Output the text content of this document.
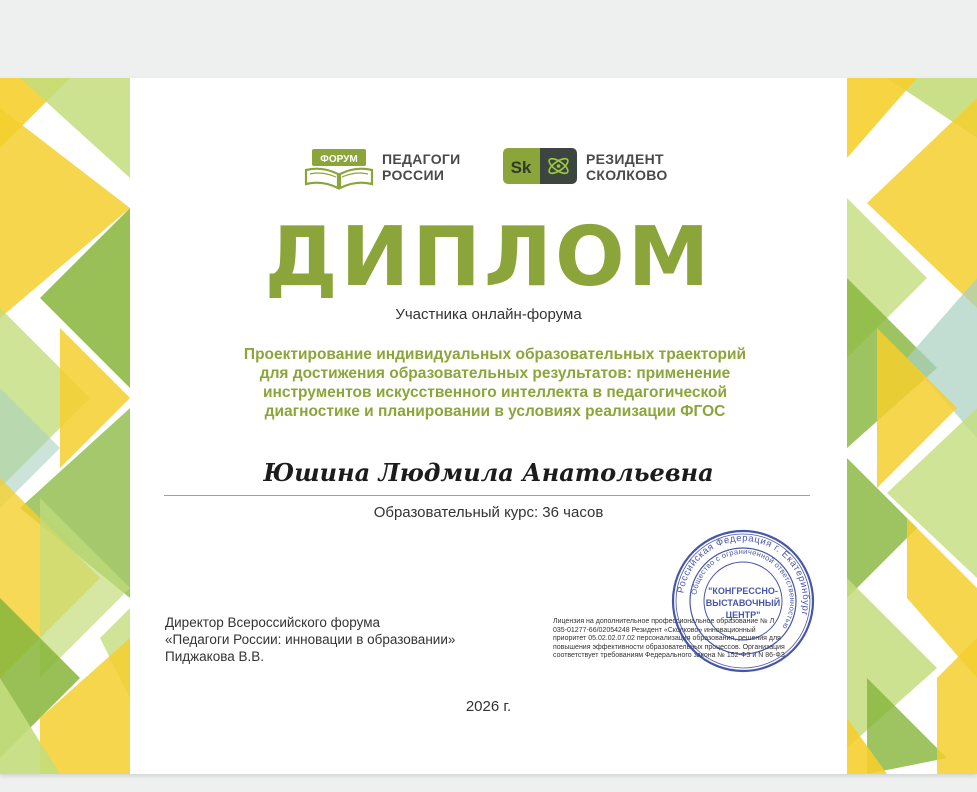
ФОРУМ ПЕДАГОГИ
РОССИИ	Sk	РЕЗИДЕНТ
СКОЛКОВО
ДИПЛОМ
Участника онлайн-форума
Проектирование индивидуальных образовательных траекторий
для достижения образовательных результатов: применение
инструментов искусственного интеллекта в педагогической
диагностике и планировании в условиях реализации ФГОС
Юшина Людмила Анатольевна
Образовательный курс: 36 часов
Директор Всероссийского форума
«Педагоги России: инновации в образовании»
Пиджакова В.В.
Лицензия на дополнительное профессиональное образование № Л
035-01277-66/02054248 Резидент «Сколково» инновационный
приоритет 05.02.02.07.02 персонализация образования, решения для
повышения эффективности образовательных процессов. Организация
соответствует требованиям Федерального закона № 152-ФЗ и N 86-ФЗ
Российская Федерация г. Екатеринбург
Общество с ограниченной ответственностью
"КОНГРЕССНО-
ВЫСТАВОЧНЫЙ
ЦЕНТР"
2026 г.
